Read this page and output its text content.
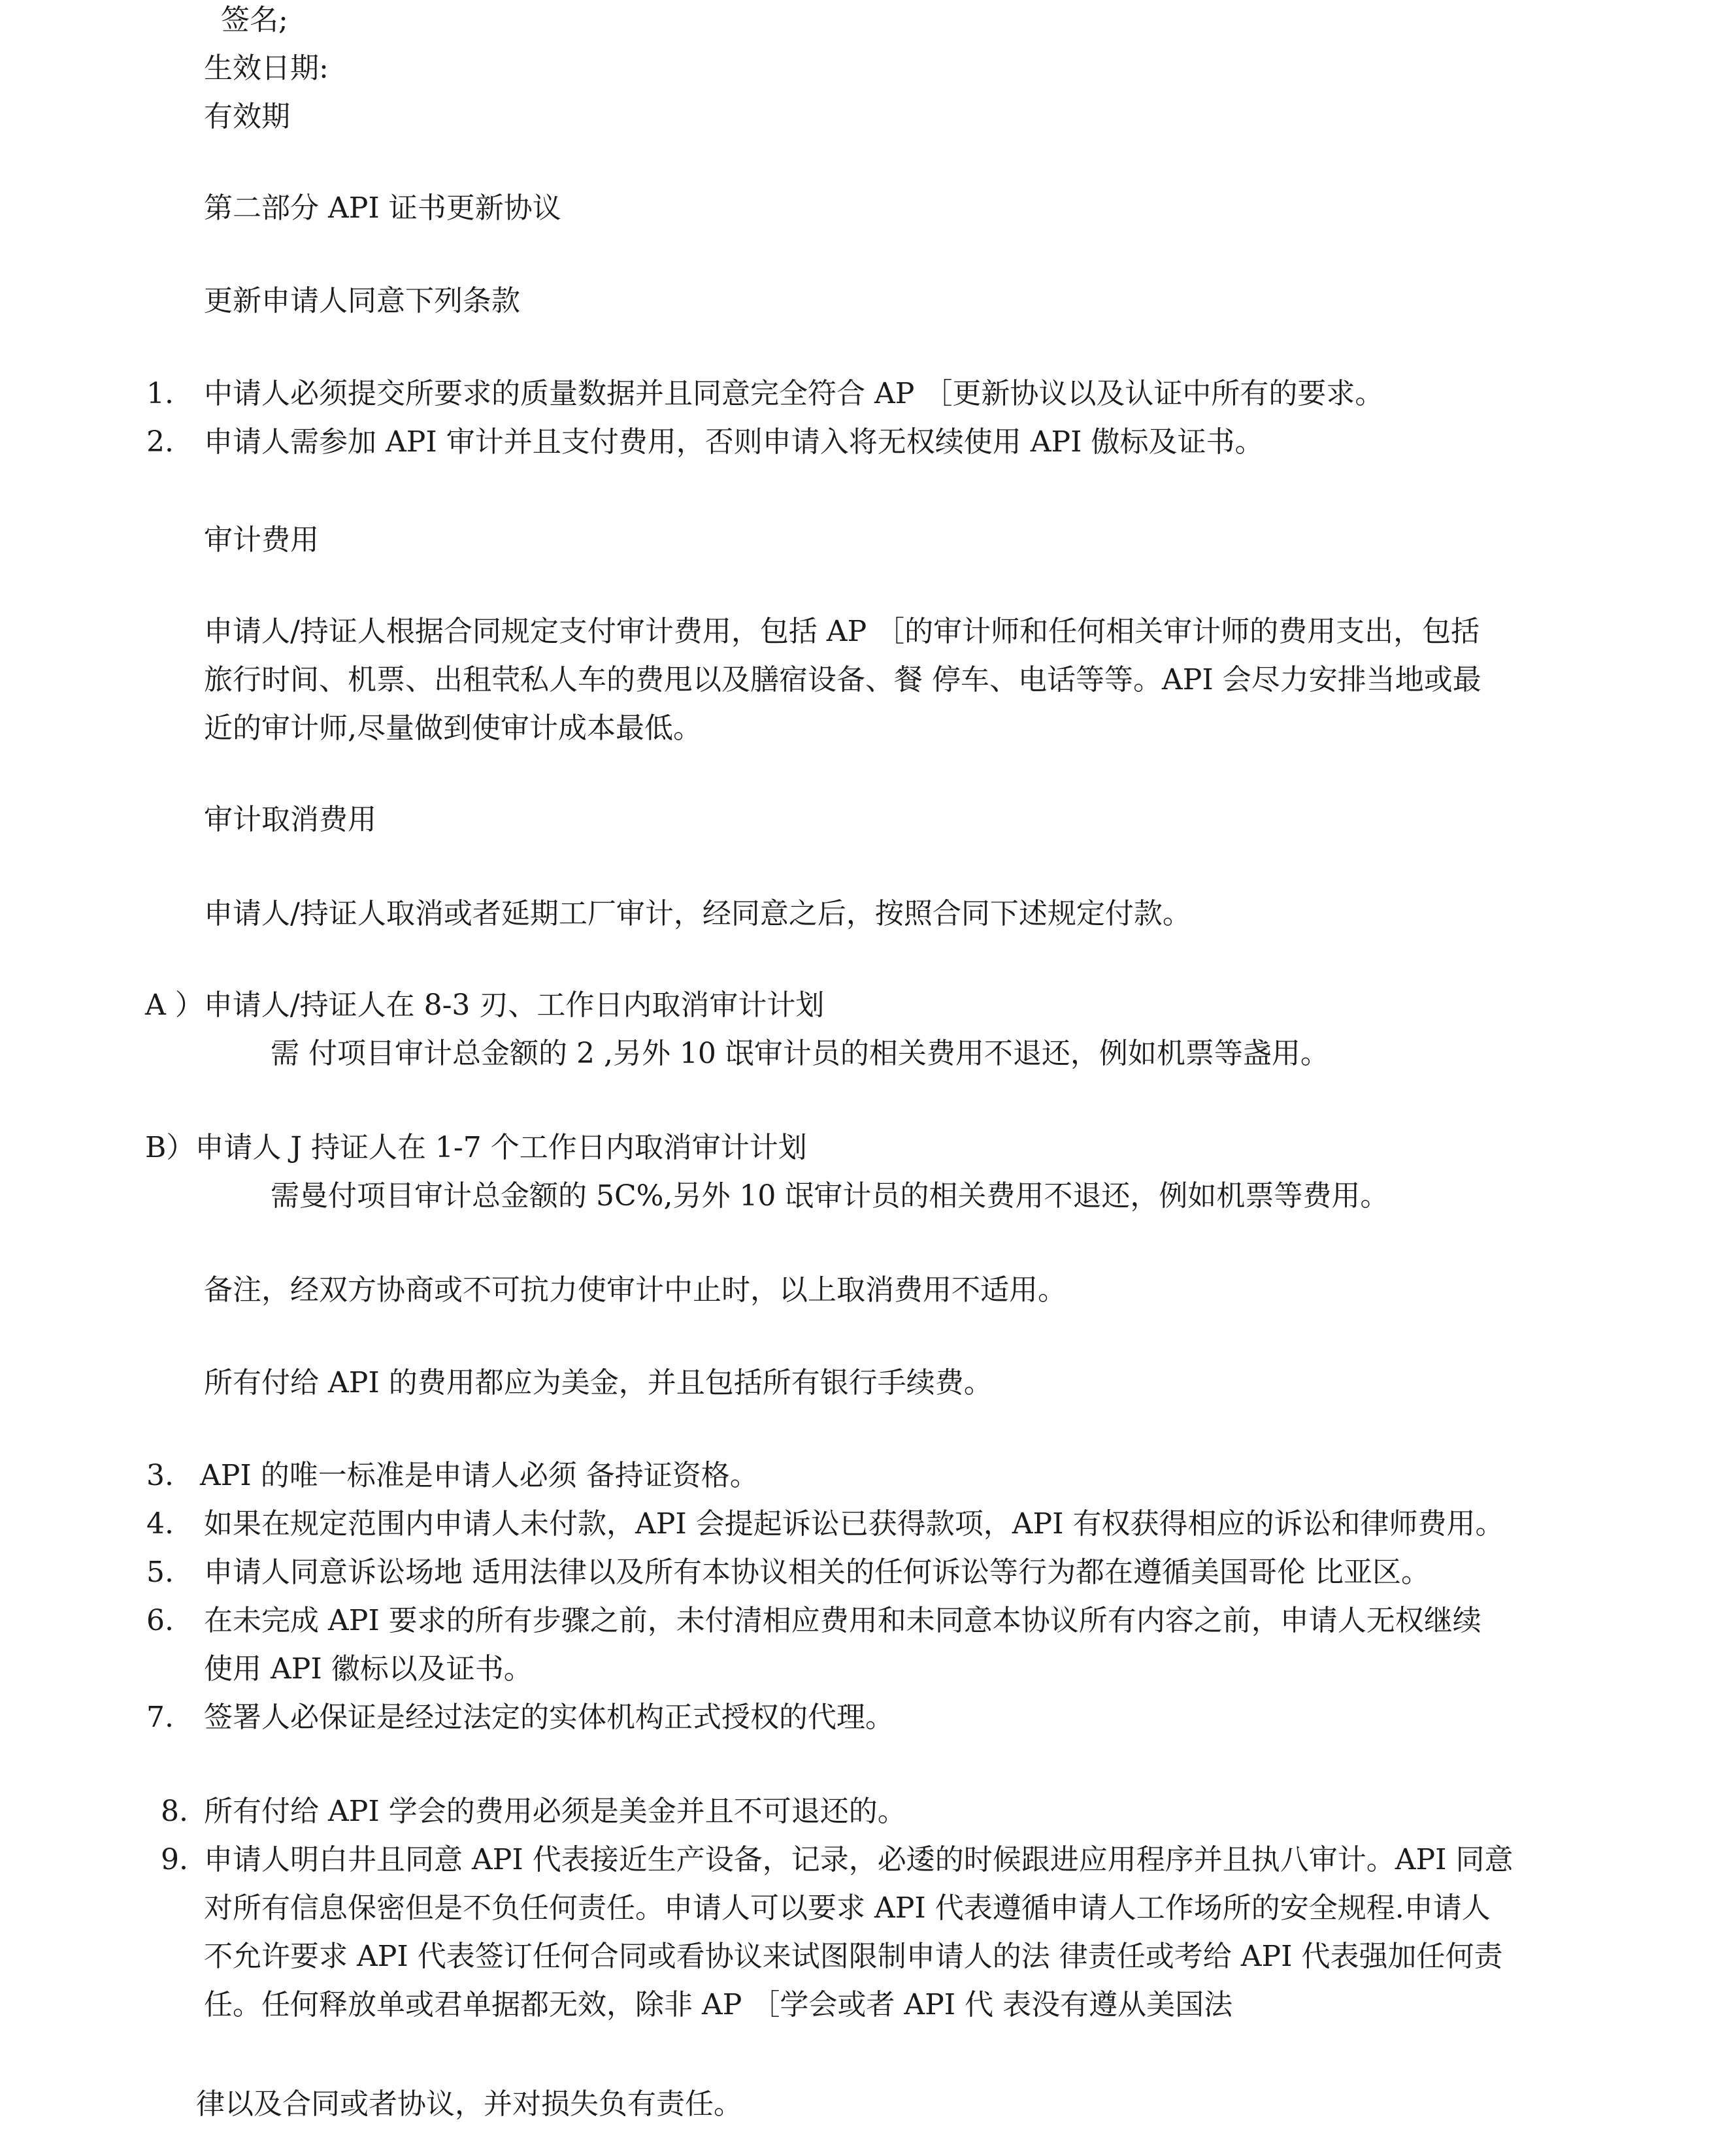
签名;
生效日期:
有效期
第二部分 API 证书更新协议
更新申请人同意下列条款
1. 中请人必须提交所要求的质量数据并且同意完全符合 AP ［更新协议以及认证中所有的要求。
2. 申请人需参加 API 审计并且支付费用，否则申请入将无权续使用 API 傲标及证书。
审计费用
申请人/持证人根据合同规定支付审计费用，包括 AP ［的审计师和任何相关审计师的费用支出，包括
旅行时间、机票、出租茕私人车的费甩以及膳宿设备、餐 停车、电话等等。API 会尽力安排当地或最
近的审计师,尽量做到使审计成本最低。
审计取消费用
申请人/持证人取消或者延期工厂审计，经同意之后，按照合同下述规定付款。
A ）申请人/持证人在 8-3 刃、工作日内取消审计计划
需 付项目审计总金额的 2 ,另外 10 氓审计员的相关费用不退还，例如机票等盏用。
B）申请人 J 持证人在 1-7 个工作日内取消审计计划
需曼付项目审计总金额的 5C%,另外 10 氓审计员的相关费用不退还，例如机票等费用。
备注，经双方协商或不可抗力使审计中止时，以上取消费用不适用。
所有付给 API 的费用都应为美金，并且包括所有银行手续费。
3. API 的唯一标准是申请人必须 备持证资格。
4. 如果在规定范围内申请人未付款，API 会提起诉讼已获得款项，API 有权获得相应的诉讼和律师费用。
5. 申请人同意诉讼场地 适用法律以及所有本协议相关的任何诉讼等行为都在遵循美国哥伦 比亚区。
6. 在未完成 API 要求的所有步骤之前，未付清相应费用和未同意本协议所有内容之前，申请人无权继续
使用 API 徽标以及证书。
7. 签署人必保证是经过法定的实体机构正式授权的代理。
8. 所有付给 API 学会的费用必须是美金并且不可退还的。
9. 申请人明白井且同意 API 代表接近生产设备，记录，必逶的时候跟进应用程序并且执八审计。API 同意
对所有信息保密但是不负任何责任。申请人可以要求 API 代表遵循申请人工作场所的安全规程.申请人
不允许要求 API 代表签订任何合同或看协议来试图限制申请人的法 律责任或考给 API 代表强加任何责
任。任何释放单或君单据都无效，除非 AP ［学会或者 API 代 表没有遵从美国法
律以及合同或者协议，并对损失负有责任。
